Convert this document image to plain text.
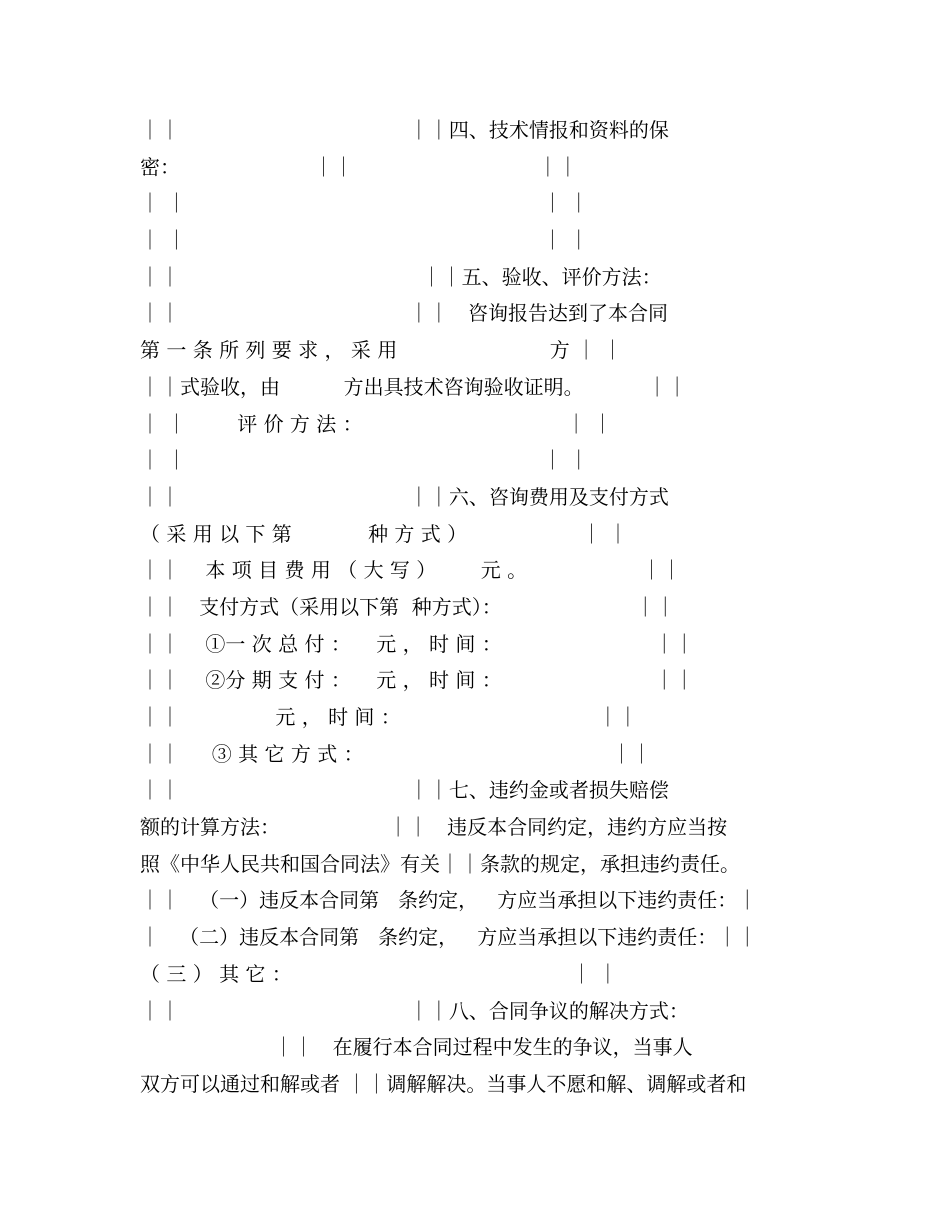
｜｜                                    ｜｜四、技术情报和资料的保
密：                     ｜｜                             ｜｜
｜ ｜                                                        ｜ ｜
｜ ｜                                                        ｜ ｜
｜｜                                      ｜｜五、验收、评价方法：
｜｜                                    ｜｜   咨询报告达到了本合同
第 一 条 所 列 要 求 ， 采 用                        方 ｜ ｜
｜｜式验收，由          方出具技术咨询验收证明。          ｜｜
｜ ｜        评 价 方 法 ：                                ｜ ｜
｜ ｜                                                        ｜ ｜
｜｜                                    ｜｜六、咨询费用及支付方式
（ 采 用 以 下 第            种 方 式 ）                  ｜ ｜
｜｜    本 项 目 费 用 （ 大 写 ）       元 。                  ｜｜
｜｜   支付方式（采用以下第  种方式）：                     ｜｜
｜｜    ①一 次 总 付 ：    元 ， 时 间 ：                        ｜｜
｜｜    ②分 期 支 付 ：    元 ， 时 间 ：                        ｜｜
｜｜               元 ， 时 间 ：                               ｜｜
｜｜     ③ 其 它 方 式 ：                                       ｜｜
｜｜                                    ｜｜七、违约金或者损失赔偿
额的计算方法：                 ｜｜   违反本合同约定，违约方应当按
照《中华人民共和国合同法》有关｜｜条款的规定，承担违约责任。
｜｜   （一）违反本合同第   条约定，   方应当承担以下违约责任：｜
｜   （二）违反本合同第   条约定，   方应当承担以下违约责任：｜｜
（ 三 ） 其 它 ：                                            ｜ ｜
｜｜                                    ｜｜八、合同争议的解决方式：
｜｜   在履行本合同过程中发生的争议，当事人
双方可以通过和解或者 ｜｜调解解决。当事人不愿和解、调解或者和
